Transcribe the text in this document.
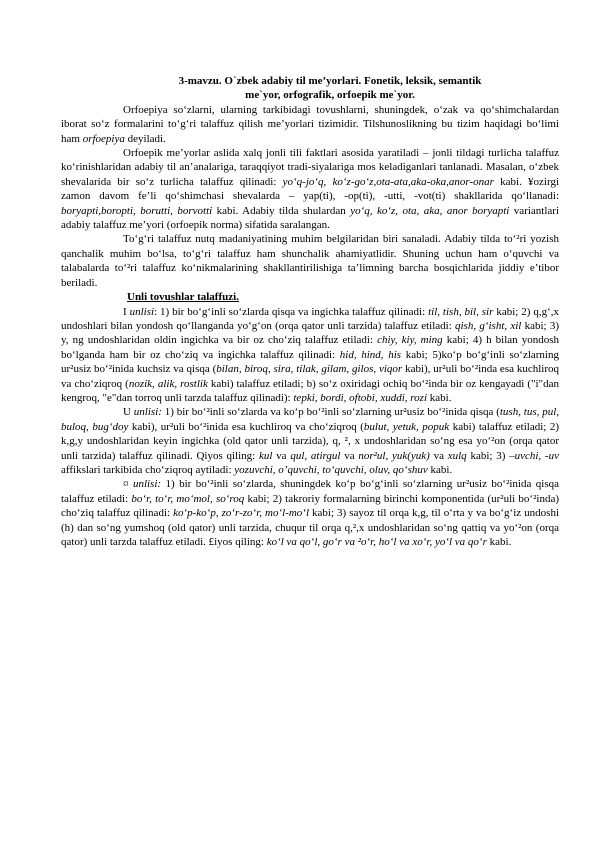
3-mavzu. O`zbek adabiy til me’yorlari. Fonetik, leksik, semantik
me`yor, orfografik, orfoepik me`yor.

Orfoepiya so‘zlarni, ularning tarkibidagi tovushlarni, shuningdek, o‘zak va qo‘shimchalardan iborat so‘z formalarini to‘g‘ri talaffuz qilish me’yorlari tizimidir. Tilshunoslikning bu tizim haqidagi bo‘limi ham orfoepiya deyiladi.

Orfoepik me’yorlar aslida xalq jonli tili faktlari asosida yaratiladi – jonli tildagi turlicha talaffuz ko‘rinishlaridan adabiy til an’analariga, taraqqiyot tradi-siyalariga mos keladiganlari tanlanadi. Masalan, o‘zbek shevalarida bir so‘z turlicha talaffuz qilinadi: yo‘q-jo‘q, ko‘z-go‘z,ota-ata,aka-oka,anor-onar kabi. ¥ozirgi zamon davom fe’li qo‘shimchasi shevalarda – yap(ti), -op(ti), -utti, -vot(ti) shakllarida qo‘llanadi: boryapti,boropti, borutti, borvotti kabi. Adabiy tilda shulardan yo‘q, ko‘z, ota, aka, anor boryapti variantlari adabiy talaffuz me’yori (orfoepik norma) sifatida saralangan.

To‘g‘ri talaffuz nutq madaniyatining muhim belgilaridan biri sanaladi. Adabiy tilda to‘²ri yozish qanchalik muhim bo‘lsa, to‘g‘ri talaffuz ham shunchalik ahamiyatlidir. Shuning uchun ham o‘quvchi va talabalarda to‘²ri talaffuz ko‘nikmalarining shakllantirilishiga ta’limning barcha bosqichlarida jiddiy e’tibor beriladi.

Unli tovushlar talaffuzi.

I unlisi: 1) bir bo‘g‘inli so‘zlarda qisqa va ingichka talaffuz qilinadi: til, tish, bil, sir kabi; 2) q,g‘,x undoshlari bilan yondosh qo‘llanganda yo‘g‘on (orqa qator unli tarzida) talaffuz etiladi: qish, g‘isht, xil kabi; 3) y, ng undoshlaridan oldin ingichka va bir oz cho‘ziq talaffuz etiladi: chiy, kiy, ming kabi; 4) h bilan yondosh bo‘lganda ham bir oz cho‘ziq va ingichka talaffuz qilinadi: hid, hind, his kabi; 5)ko‘p bo‘g‘inli so‘zlarning ur²usiz bo‘²inida kuchsiz va qisqa (bilan, biroq, sira, tilak, gilam, gilos, viqor kabi), ur²uli bo‘²inda esa kuchliroq va cho‘ziqroq (nozik, alik, rostlik kabi) talaffuz etiladi; b) so‘z oxiridagi ochiq bo‘²inda bir oz kengayadi ("i"dan kengroq, "e"dan torroq unli tarzda talaffuz qilinadi): tepki, bordi, oftobi, xuddi, rozi kabi.

U unlisi: 1) bir bo‘²inli so‘zlarda va ko‘p bo‘²inli so‘zlarning ur²usiz bo‘²inida qisqa (tush, tus, pul, buloq, bug‘doy kabi), ur²uli bo‘²inida esa kuchliroq va cho‘ziqroq (bulut, yetuk, popuk kabi) talaffuz etiladi; 2) k,g,y undoshlaridan keyin ingichka (old qator unli tarzida), q, ², x undoshlaridan so‘ng esa yo‘²on (orqa qator unli tarzida) talaffuz qilinadi. Qiyos qiling: kul va qul, atirgul va nor²ul, yuk(yuk) va xulq kabi; 3) –uvchi, -uv affikslari tarkibida cho‘ziqroq aytiladi: yozuvchi, o’quvchi, to‘quvchi, oluv, qo‘shuv kabi.

¤ unlisi: 1) bir bo‘²inli so‘zlarda, shuningdek ko‘p bo‘g‘inli so‘zlarning ur²usiz bo‘²inida qisqa talaffuz etiladi: bo‘r, to‘r, mo‘mol, so‘roq kabi; 2) takroriy formalarning birinchi komponentida (ur²uli bo‘²inda) cho‘ziq talaffuz qilinadi: ko‘p-ko‘p, zo‘r-zo‘r, mo‘l-mo‘l kabi; 3) sayoz til orqa k,g, til o‘rta y va bo‘g‘iz undoshi (h) dan so‘ng yumshoq (old qator) unli tarzida, chuqur til orqa q,²,x undoshlaridan so‘ng qattiq va yo‘²on (orqa qator) unli tarzda talaffuz etiladi. £iyos qiling: ko‘l va qo‘l, go‘r va ²o‘r, ho‘l va xo‘r, yo‘l va qo‘r kabi.
